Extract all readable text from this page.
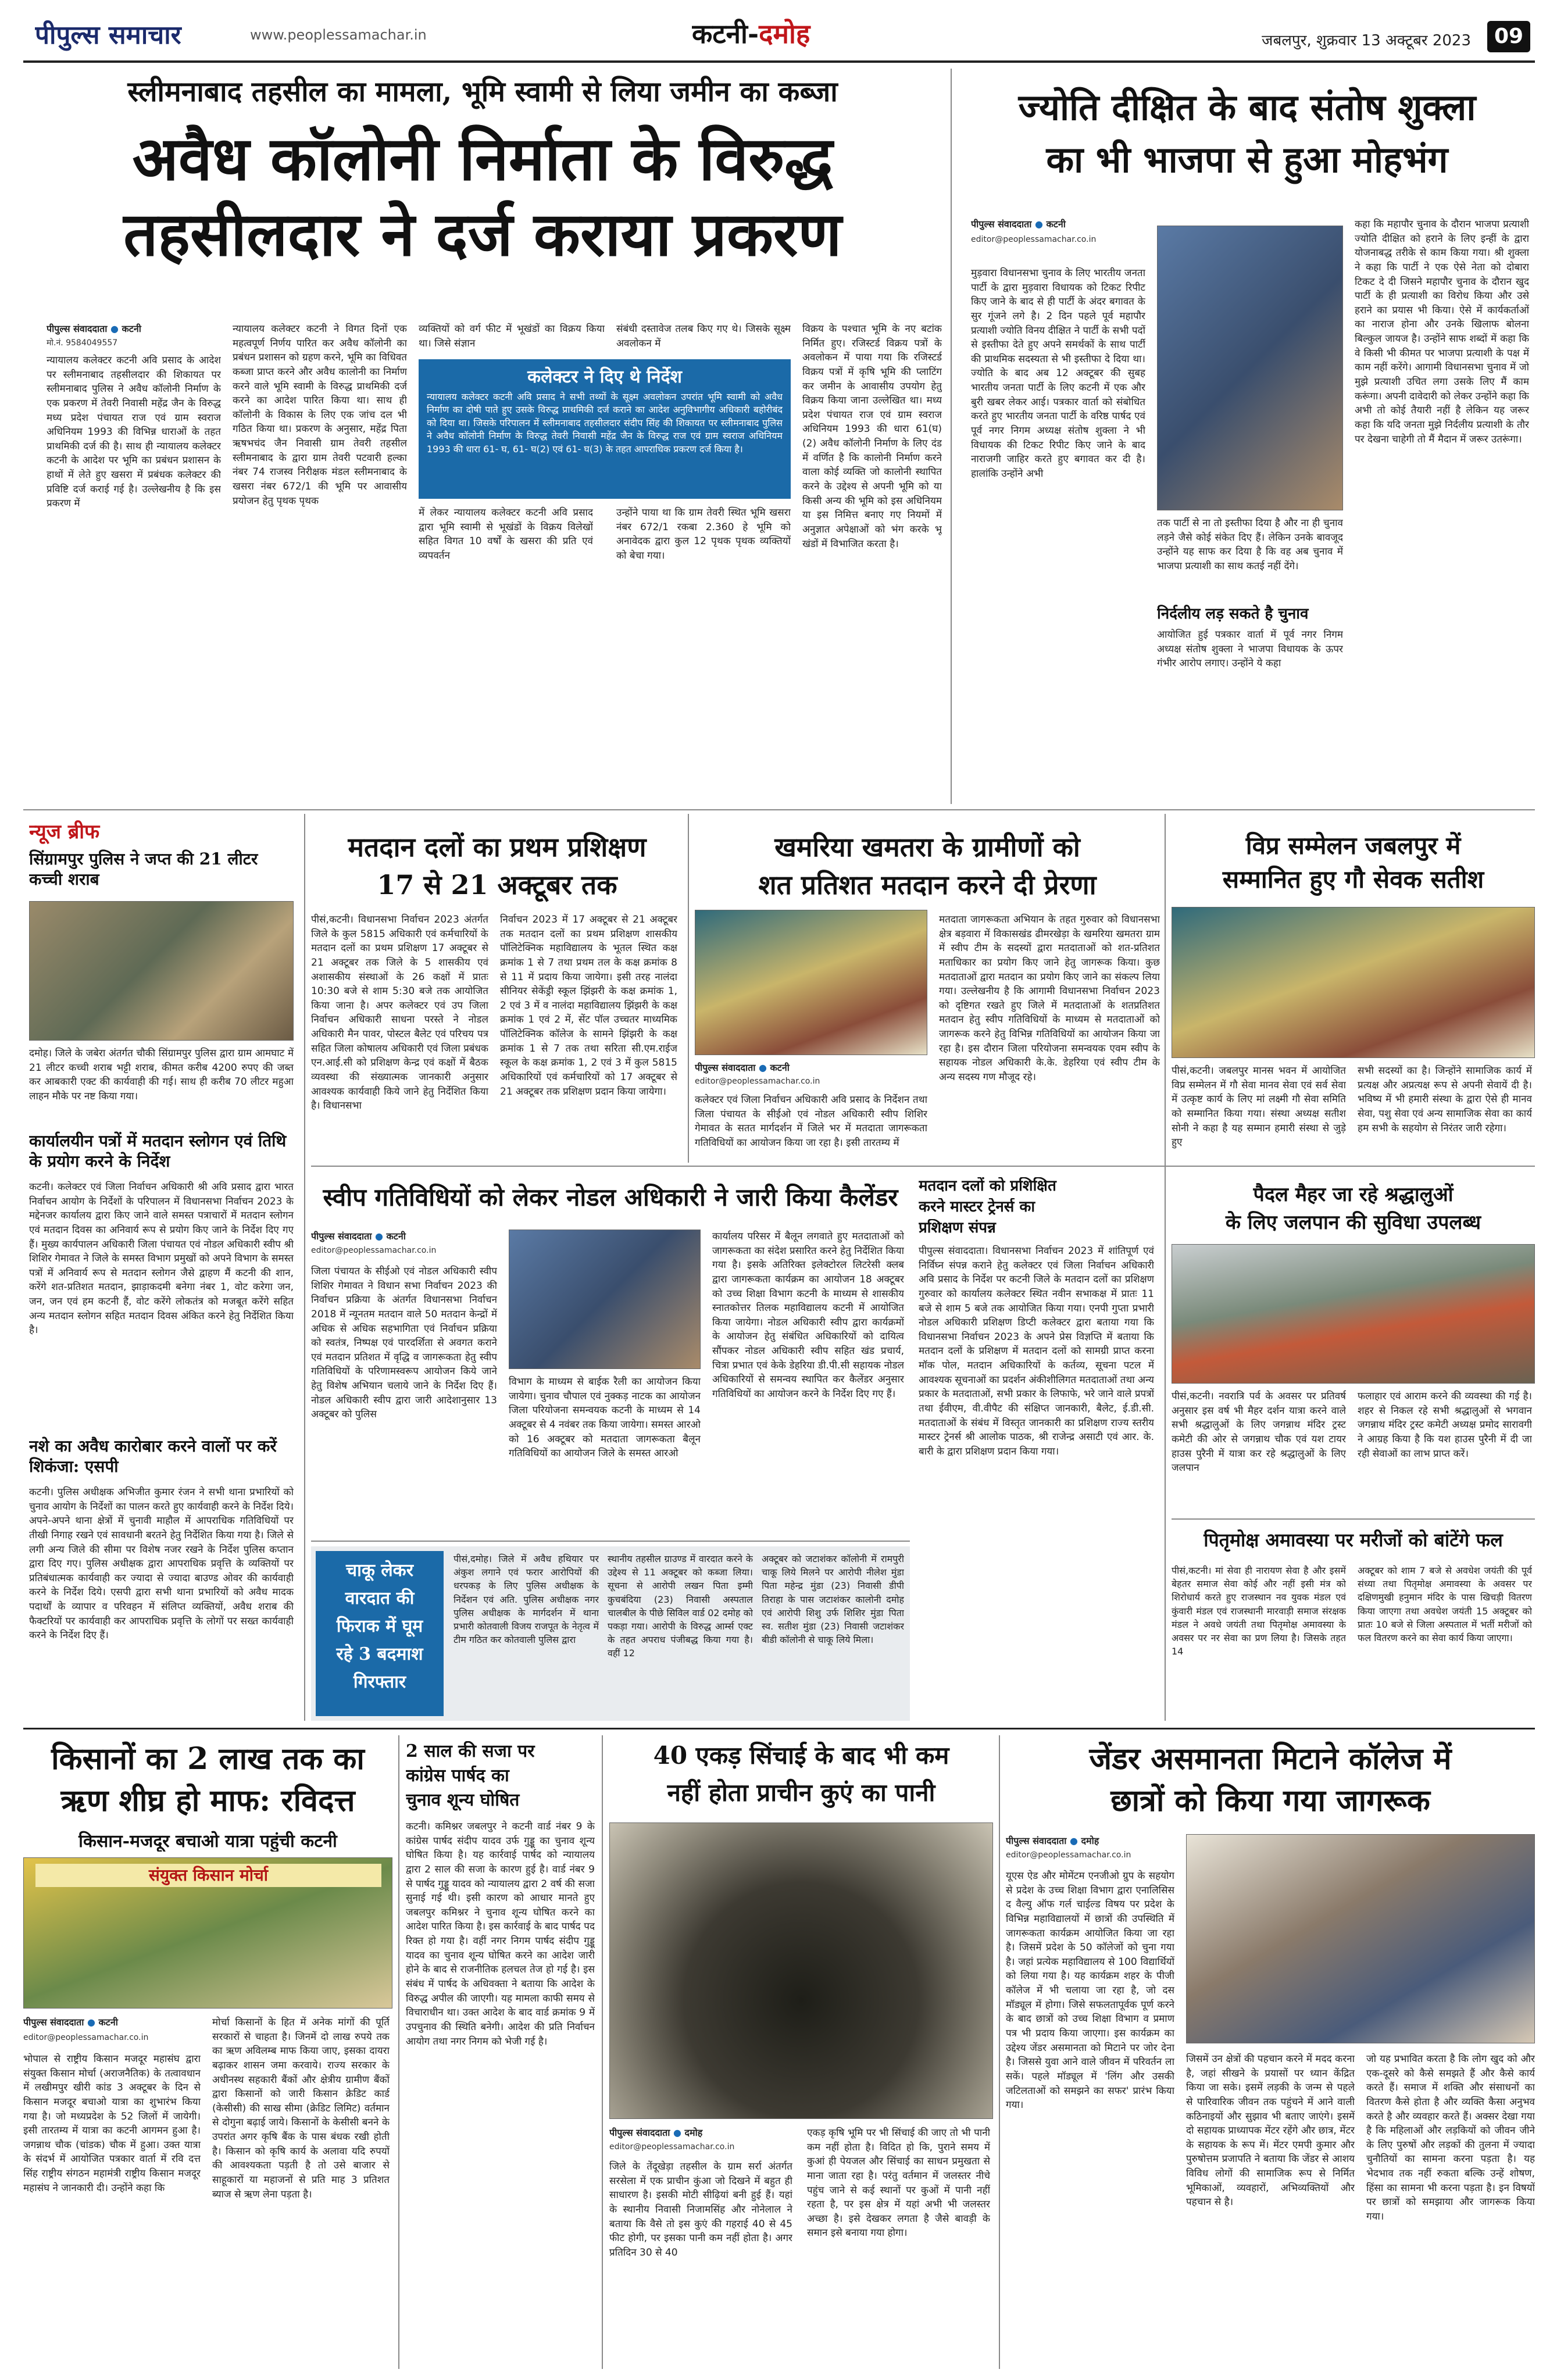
पीपुल्स समाचार	www.peoplessamachar.in	कटनी-दमोह	जबलपुर, शुक्रवार 13 अक्टूबर 2023	09
स्लीमनाबाद तहसील का मामला, भूमि स्वामी से लिया जमीन का कब्जा
अवैध कॉलोनी निर्माता के विरुद्ध
तहसीलदार ने दर्ज कराया प्रकरण
पीपुल्स संवाददाता ● कटनी
मो.नं. 9584049557
न्यायालय कलेक्टर कटनी अवि प्रसाद के आदेश पर स्लीमनाबाद तहसीलदार की शिकायत पर स्लीमनाबाद पुलिस ने अवैध कॉलोनी निर्माण के एक प्रकरण में तेवरी निवासी महेंद्र जैन के विरुद्ध मध्य प्रदेश पंचायत राज एवं ग्राम स्वराज अधिनियम 1993 की विभिन्न धाराओं के तहत प्राथमिकी दर्ज की है। साथ ही न्यायालय कलेक्टर कटनी के आदेश पर भूमि का प्रबंधन प्रशासन के हाथों में लेते हुए खसरा में प्रबंधक कलेक्टर की प्रविष्टि दर्ज कराई गई है। उल्लेखनीय है कि इस प्रकरण में
न्यायालय कलेक्टर कटनी ने विगत दिनों एक महत्वपूर्ण निर्णय पारित कर अवैध कॉलोनी का प्रबंधन प्रशासन को ग्रहण करने, भूमि का विधिवत कब्जा प्राप्त करने और अवैध कालोनी का निर्माण करने वाले भूमि स्वामी के विरुद्ध प्राथमिकी दर्ज करने का आदेश पारित किया था। साथ ही कॉलोनी के विकास के लिए एक जांच दल भी गठित किया था। प्रकरण के अनुसार, महेंद्र पिता ऋषभचंद जैन निवासी ग्राम तेवरी तहसील स्लीमनाबाद के द्वारा ग्राम तेवरी पटवारी हल्का नंबर 74 राजस्व निरीक्षक मंडल स्लीमनाबाद के खसरा नंबर 672/1 की भूमि पर आवासीय प्रयोजन हेतु पृथक पृथक
व्यक्तियों को वर्ग फीट में भूखंडों का विक्रय किया था। जिसे संज्ञान
संबंधी दस्तावेज तलब किए गए थे। जिसके सूक्ष्म अवलोकन में
विक्रय के पश्चात भूमि के नए बटांक निर्मित हुए। रजिस्टर्ड विक्रय पत्रों के अवलोकन में पाया गया कि रजिस्टर्ड विक्रय पत्रों में कृषि भूमि की प्लाटिंग कर जमीन के आवासीय उपयोग हेतु विक्रय किया जाना उल्लेखित था। मध्य प्रदेश पंचायत राज एवं ग्राम स्वराज अधिनियम 1993 की धारा 61(घ) (2) अवैध कॉलोनी निर्माण के लिए दंड में वर्णित है कि कालोनी निर्माण करने वाला कोई व्यक्ति जो कालोनी स्थापित करने के उद्देश्य से अपनी भूमि को या किसी अन्य की भूमि को इस अधिनियम या इस निमित्त बनाए गए नियमों में अनुज्ञात अपेक्षाओं को भंग करके भू खंडों में विभाजित करता है।
कलेक्टर ने दिए थे निर्देश
न्यायालय कलेक्टर कटनी अवि प्रसाद ने सभी तथ्यों के सूक्ष्म अवलोकन उपरांत भूमि स्वामी को अवैध निर्माण का दोषी पाते हुए उसके विरुद्ध प्राथमिकी दर्ज कराने का आदेश अनुविभागीय अधिकारी बहोरीबंद को दिया था। जिसके परिपालन में स्लीमनाबाद तहसीलदार संदीप सिंह की शिकायत पर स्लीमनाबाद पुलिस ने अवैध कॉलोनी निर्माण के विरुद्ध तेवरी निवासी महेंद्र जैन के विरुद्ध राज एवं ग्राम स्वराज अधिनियम 1993 की धारा 61- घ, 61- घ(2) एवं 61- घ(3) के तहत आपराधिक प्रकरण दर्ज किया है।
में लेकर न्यायालय कलेक्टर कटनी अवि प्रसाद द्वारा भूमि स्वामी से भूखंडों के विक्रय विलेखों सहित विगत 10 वर्षों के खसरा की प्रति एवं व्यपवर्तन
उन्होंने पाया था कि ग्राम तेवरी स्थित भूमि खसरा नंबर 672/1 रकबा 2.360 हे भूमि को अनावेदक द्वारा कुल 12 पृथक पृथक व्यक्तियों को बेचा गया।
ज्योति दीक्षित के बाद संतोष शुक्ला
का भी भाजपा से हुआ मोहभंग
पीपुल्स संवाददाता ● कटनी
editor@peoplessamachar.co.in
मुड़वारा विधानसभा चुनाव के लिए भारतीय जनता पार्टी के द्वारा मुड़वारा विधायक को टिकट रिपीट किए जाने के बाद से ही पार्टी के अंदर बगावत के सुर गूंजने लगे है। 2 दिन पहले पूर्व महापौर प्रत्याशी ज्योति विनय दीक्षित ने पार्टी के सभी पदों से इस्तीफा देते हुए अपने समर्थकों के साथ पार्टी की प्राथमिक सदस्यता से भी इस्तीफा दे दिया था। ज्योति के बाद अब 12 अक्टूबर की सुबह भारतीय जनता पार्टी के लिए कटनी में एक और बुरी खबर लेकर आई। पत्रकार वार्ता को संबोधित करते हुए भारतीय जनता पार्टी के वरिष्ठ पार्षद एवं पूर्व नगर निगम अध्यक्ष संतोष शुक्ला ने भी विधायक की टिकट रिपीट किए जाने के बाद नाराजगी जाहिर करते हुए बगावत कर दी है। हालांकि उन्होंने अभी
तक पार्टी से ना तो इस्तीफा दिया है और ना ही चुनाव लड़ने जैसे कोई संकेत दिए हैं। लेकिन उनके बावजूद उन्होंने यह साफ कर दिया है कि वह अब चुनाव में भाजपा प्रत्याशी का साथ कतई नहीं देंगे।
निर्दलीय लड़ सकते है चुनाव
आयोजित हुई पत्रकार वार्ता में पूर्व नगर निगम अध्यक्ष संतोष शुक्ला ने भाजपा विधायक के ऊपर गंभीर आरोप लगाए। उन्होंने ये कहा
कहा कि महापौर चुनाव के दौरान भाजपा प्रत्याशी ज्योति दीक्षित को हराने के लिए इन्हीं के द्वारा योजनाबद्ध तरीके से काम किया गया। श्री शुक्ला ने कहा कि पार्टी ने एक ऐसे नेता को दोबारा टिकट दे दी जिसने महापौर चुनाव के दौरान खुद पार्टी के ही प्रत्याशी का विरोध किया और उसे हराने का प्रयास भी किया। ऐसे में कार्यकर्ताओं का नाराज होना और उनके खिलाफ बोलना बिल्कुल जायज है। उन्होंने साफ शब्दों में कहा कि वे किसी भी कीमत पर भाजपा प्रत्याशी के पक्ष में काम नहीं करेंगे। आगामी विधानसभा चुनाव में जो मुझे प्रत्याशी उचित लगा उसके लिए मैं काम करूंगा। अपनी दावेदारी को लेकर उन्होंने कहा कि अभी तो कोई तैयारी नहीं है लेकिन यह जरूर कहा कि यदि जनता मुझे निर्दलीय प्रत्याशी के तौर पर देखना चाहेगी तो मैं मैदान में जरूर उतरूंगा।
न्यूज ब्रीफ
सिंग्रामपुर पुलिस ने जप्त की 21 लीटर कच्ची शराब
दमोह। जिले के जबेरा अंतर्गत चौकी सिंग्रामपुर पुलिस द्वारा ग्राम आमघाट में 21 लीटर कच्ची शराब भट्टी शराब, कीमत करीब 4200 रुपए की जब्त कर आबकारी एक्ट की कार्यवाही की गई। साथ ही करीब 70 लीटर महुआ लाहन मौके पर नष्ट किया गया।
कार्यालयीन पत्रों में मतदान स्लोगन एवं तिथि के प्रयोग करने के निर्देश
कटनी। कलेक्टर एवं जिला निर्वाचन अधिकारी श्री अवि प्रसाद द्वारा भारत निर्वाचन आयोग के निर्देशों के परिपालन में विधानसभा निर्वाचन 2023 के मद्देनजर कार्यालय द्वारा किए जाने वाले समस्त पत्राचारों में मतदान स्लोगन एवं मतदान दिवस का अनिवार्य रूप से प्रयोग किए जाने के निर्देश दिए गए हैं। मुख्य कार्यपालन अधिकारी जिला पंचायत एवं नोडल अधिकारी स्वीप श्री शिशिर गेमावत ने जिले के समस्त विभाग प्रमुखों को अपने विभाग के समस्त पत्रों में अनिवार्य रूप से मतदान स्लोगन जैसे द्वाहण मैं कटनी की शान, करेंगे शत-प्रतिशत मतदान, झाड़ाकदमी बनेगा नंबर 1, वोट करेगा जन, जन, जन एवं हम कटनी हैं, वोट करेंगे लोकतंत्र को मजबूत करेंगे सहित अन्य मतदान स्लोगन सहित मतदान दिवस अंकित करने हेतु निर्देशित किया है।
नशे का अवैध कारोबार करने वालों पर करें शिकंजा: एसपी
कटनी। पुलिस अधीक्षक अभिजीत कुमार रंजन ने सभी थाना प्रभारियों को चुनाव आयोग के निर्देशों का पालन करते हुए कार्यवाही करने के निर्देश दिये। अपने-अपने थाना क्षेत्रों में चुनावी माहौल में आपराधिक गतिविधियों पर तीखी निगाह रखने एवं सावधानी बरतने हेतु निर्देशित किया गया है। जिले से लगी अन्य जिले की सीमा पर विशेष नजर रखने के निर्देश पुलिस कप्तान द्वारा दिए गए। पुलिस अधीक्षक द्वारा आपराधिक प्रवृत्ति के व्यक्तियों पर प्रतिबंधात्मक कार्यवाही कर ज्यादा से ज्यादा बाउण्ड ओवर की कार्यवाही करने के निर्देश दिये। एसपी द्वारा सभी थाना प्रभारियों को अवैध मादक पदार्थों के व्यापार व परिवहन में संलिप्त व्यक्तियों, अवैध शराब की फैक्टरियों पर कार्यवाही कर आपराधिक प्रवृत्ति के लोगों पर सख्त कार्यवाही करने के निर्देश दिए हैं।
मतदान दलों का प्रथम प्रशिक्षण
17 से 21 अक्टूबर तक
पीसं,कटनी। विधानसभा निर्वाचन 2023 अंतर्गत जिले के कुल 5815 अधिकारी एवं कर्मचारियों के मतदान दलों का प्रथम प्रशिक्षण 17 अक्टूबर से 21 अक्टूबर तक जिले के 5 शासकीय एवं अशासकीय संस्थाओं के 26 कक्षों में प्रातः 10:30 बजे से शाम 5:30 बजे तक आयोजित किया जाना है। अपर कलेक्टर एवं उप जिला निर्वाचन अधिकारी साधना परस्ते ने नोडल अधिकारी मैन पावर, पोस्टल बैलेट एवं परिचय पत्र सहित जिला कोषालय अधिकारी एवं जिला प्रबंधक एन.आई.सी को प्रशिक्षण केन्द्र एवं कक्षों में बैठक व्यवस्था की संख्यात्मक जानकारी अनुसार आवश्यक कार्यवाही किये जाने हेतु निर्देशित किया है। विधानसभा
निर्वाचन 2023 में 17 अक्टूबर से 21 अक्टूबर तक मतदान दलों का प्रथम प्रशिक्षण शासकीय पॉलिटेक्निक महाविद्यालय के भूतल स्थित कक्ष क्रमांक 1 से 7 तथा प्रथम तल के कक्ष क्रमांक 8 से 11 में प्रदाय किया जायेगा। इसी तरह नालंदा सीनियर सेकेंड्री स्कूल झिंझरी के कक्ष क्रमांक 1, 2 एवं 3 में व नालंदा महाविद्यालय झिंझरी के कक्ष क्रमांक 1 एवं 2 में, सेंट पॉल उच्चतर माध्यमिक पॉलिटेक्निक कॉलेज के सामने झिंझरी के कक्ष क्रमांक 1 से 7 तक तथा सरिता सी.एम.राईज स्कूल के कक्ष क्रमांक 1, 2 एवं 3 में कुल 5815 अधिकारियों एवं कर्मचारियों को 17 अक्टूबर से 21 अक्टूबर तक प्रशिक्षण प्रदान किया जायेगा।
खमरिया खमतरा के ग्रामीणों को
शत प्रतिशत मतदान करने दी प्रेरणा
पीपुल्स संवाददाता ● कटनी
editor@peoplessamachar.co.in
कलेक्टर एवं जिला निर्वाचन अधिकारी अवि प्रसाद के निर्देशन तथा जिला पंचायत के सीईओ एवं नोडल अधिकारी स्वीप शिशिर गेमावत के सतत मार्गदर्शन में जिले भर में मतदाता जागरूकता गतिविधियों का आयोजन किया जा रहा है। इसी तारतम्य में
मतदाता जागरूकता अभियान के तहत गुरुवार को विधानसभा क्षेत्र बड़वारा में विकासखंड ढीमरखेड़ा के खमरिया खमतरा ग्राम में स्वीप टीम के सदस्यों द्वारा मतदाताओं को शत-प्रतिशत मताधिकार का प्रयोग किए जाने हेतु जागरूक किया। कुछ मतदाताओं द्वारा मतदान का प्रयोग किए जाने का संकल्प लिया गया। उल्लेखनीय है कि आगामी विधानसभा निर्वाचन 2023 को दृष्टिगत रखते हुए जिले में मतदाताओं के शतप्रतिशत मतदान हेतु स्वीप गतिविधियों के माध्यम से मतदाताओं को जागरूक करने हेतु विभिन्न गतिविधियों का आयोजन किया जा रहा है। इस दौरान जिला परियोजना समन्वयक एवम स्वीप के सहायक नोडल अधिकारी के.के. डेहरिया एवं स्वीप टीम के अन्य सदस्य गण मौजूद रहे।
विप्र सम्मेलन जबलपुर में
सम्मानित हुए गौ सेवक सतीश
पीसं,कटनी। जबलपुर मानस भवन में आयोजित विप्र सम्मेलन में गौ सेवा मानव सेवा एवं सर्व सेवा में उत्कृष्ट कार्य के लिए मां लक्ष्मी गौ सेवा समिति को सम्मानित किया गया। संस्था अध्यक्ष सतीश सोनी ने कहा है यह सम्मान हमारी संस्था से जुड़े हुए
सभी सदस्यों का है। जिन्होंने सामाजिक कार्य में प्रत्यक्ष और अप्रत्यक्ष रूप से अपनी सेवायें दी है। भविष्य में भी हमारी संस्था के द्वारा ऐसे ही मानव सेवा, पशु सेवा एवं अन्य सामाजिक सेवा का कार्य हम सभी के सहयोग से निरंतर जारी रहेगा।
स्वीप गतिविधियों को लेकर नोडल अधिकारी ने जारी किया कैलेंडर
पीपुल्स संवाददाता ● कटनी
editor@peoplessamachar.co.in
जिला पंचायत के सीईओ एवं नोडल अधिकारी स्वीप शिशिर गेमावत ने विधान सभा निर्वाचन 2023 की निर्वाचन प्रक्रिया के अंतर्गत विधानसभा निर्वाचन 2018 में न्यूनतम मतदान वाले 50 मतदान केन्द्रों में अधिक से अधिक सहभागिता एवं निर्वाचन प्रक्रिया को स्वतंत्र, निष्पक्ष एवं पारदर्शिता से अवगत कराने एवं मतदान प्रतिशत में वृद्धि व जागरूकता हेतु स्वीप गतिविधियों के परिणामस्वरूप आयोजन किये जाने हेतु विशेष अभियान चलाये जाने के निर्देश दिए हैं। नोडल अधिकारी स्वीप द्वारा जारी आदेशानुसार 13 अक्टूबर को पुलिस
विभाग के माध्यम से बाईक रैली का आयोजन किया जायेगा। चुनाव चौपाल एवं नुक्कड़ नाटक का आयोजन जिला परियोजना समन्वयक कटनी के माध्यम से 14 अक्टूबर से 4 नवंबर तक किया जायेगा। समस्त आरओ को 16 अक्टूबर को मतदाता जागरूकता बैलून गतिविधियों का आयोजन जिले के समस्त आरओ
कार्यालय परिसर में बैलून लगवाते हुए मतदाताओं को जागरूकता का संदेश प्रसारित करने हेतु निर्देशित किया गया है। इसके अतिरिक्त इलेक्टोरल लिटरेसी क्लब द्वारा जागरूकता कार्यक्रम का आयोजन 18 अक्टूबर को उच्च शिक्षा विभाग कटनी के माध्यम से शासकीय स्नातकोत्तर तिलक महाविद्यालय कटनी में आयोजित किया जायेगा। नोडल अधिकारी स्वीप द्वारा कार्यक्रमों के आयोजन हेतु संबंधित अधिकारियों को दायित्व सौंपकर नोडल अधिकारी स्वीप सहित खंड प्रचार्य, चित्रा प्रभात एवं केके डेहरिया डी.पी.सी सहायक नोडल अधिकारियों से समन्वय स्थापित कर कैलेंडर अनुसार गतिविधियों का आयोजन करने के निर्देश दिए गए हैं।
मतदान दलों को प्रशिक्षित
करने मास्टर ट्रेनर्स का
प्रशिक्षण संपन्न
पीपुल्स संवाददाता। विधानसभा निर्वाचन 2023 में शांतिपूर्ण एवं निर्विघ्न संपन्न कराने हेतु कलेक्टर एवं जिला निर्वाचन अधिकारी अवि प्रसाद के निर्देश पर कटनी जिले के मतदान दलों का प्रशिक्षण गुरुवार को कार्यालय कलेक्टर स्थित नवीन सभाकक्ष में प्रातः 11 बजे से शाम 5 बजे तक आयोजित किया गया। एनपी गुप्ता प्रभारी नोडल अधिकारी प्रशिक्षण डिप्टी कलेक्टर द्वारा बताया गया कि विधानसभा निर्वाचन 2023 के अपने प्रेस विज्ञप्ति में बताया कि मतदान दलों के प्रशिक्षण में मतदान दलों को सामग्री प्राप्त करना मॉक पोल, मतदान अधिकारियों के कर्तव्य, सूचना पटल में आवश्यक सूचनाओं का प्रदर्शन अंकीशीलिगत मतदाताओं तथा अन्य प्रकार के मतदाताओं, सभी प्रकार के लिफाफे, भरे जाने वाले प्रपत्रों तथा ईवीएम, वी.वीपैट की संक्षिप्त जानकारी, बैलेट, ई.डी.सी. मतदाताओं के संबंध में विस्तृत जानकारी का प्रशिक्षण राज्य स्तरीय मास्टर ट्रेनर्स श्री आलोक पाठक, श्री राजेन्द्र असाटी एवं आर. के. बारी के द्वारा प्रशिक्षण प्रदान किया गया।
पैदल मैहर जा रहे श्रद्धालुओं
के लिए जलपान की सुविधा उपलब्ध
पीसं,कटनी। नवरात्रि पर्व के अवसर पर प्रतिवर्ष अनुसार इस वर्ष भी मैहर दर्शन यात्रा करने वाले सभी श्रद्धालुओं के लिए जगन्नाथ मंदिर ट्रस्ट कमेटी की ओर से जगन्नाथ चौक एवं यश टायर हाउस पुरैनी में यात्रा कर रहे श्रद्धालुओं के लिए जलपान
फलाहार एवं आराम करने की व्यवस्था की गई है। शहर से निकल रहे सभी श्रद्धालुओं से भगवान जगन्नाथ मंदिर ट्रस्ट कमेटी अध्यक्ष प्रमोद सारावगी ने आग्रह किया है कि यश हाउस पुरैनी में दी जा रही सेवाओं का लाभ प्राप्त करें।
चाकू लेकर
वारदात की
फिराक में घूम
रहे 3 बदमाश
गिरफ्तार
पीसं,दमोह। जिले में अवैध हथियार पर अंकुश लगाने एवं फरार आरोपियों की धरपकड़ के लिए पुलिस अधीक्षक के निर्देशन एवं अति. पुलिस अधीक्षक नगर पुलिस अधीक्षक के मार्गदर्शन में थाना प्रभारी कोतवाली विजय राजपूत के नेतृत्व में टीम गठित कर कोतवाली पुलिस द्वारा
स्थानीय तहसील ग्राउण्ड में वारदात करने के उद्देश्य से 11 अक्टूबर को कब्जा लिया। सूचना से आरोपी लखन पिता इम्मी कुचबंदिया (23) निवासी अस्पताल चालबील के पीछे सिविल वार्ड 02 दमोह को पकड़ा गया। आरोपी के विरुद्ध आर्म्स एक्ट के तहत अपराध पंजीबद्ध किया गया है। वहीं 12
अक्टूबर को जटाशंकर कॉलोनी में रामपुरी चाकू लिये मिलने पर आरोपी नीलेश मुंडा पिता महेन्द्र मुंडा (23) निवासी डीपी तिराहा के पास जटाशंकर कालोनी दमोह एवं आरोपी शिशु उर्फ शिशिर मुंडा पिता स्व. सतीश मुंडा (23) निवासी जटाशंकर बीडी कॉलोनी से चाकू लिये मिला।
पितृमोक्ष अमावस्या पर मरीजों को बांटेंगे फल
पीसं,कटनी। मां सेवा ही नारायण सेवा है और इसमें बेहतर समाज सेवा कोई और नहीं इसी मंत्र को शिरोधार्य करते हुए राजस्थान नव युवक मंडल एवं कुंवारी मंडल एवं राजस्थानी मारवाड़ी समाज संरक्षक मंडल ने अवधे जयंती तथा पितृमोक्ष अमावस्या के अवसर पर नर सेवा का प्रण लिया है। जिसके तहत 14
अक्टूबर को शाम 7 बजे से अवधेश जयंती की पूर्व संध्या तथा पितृमोक्ष अमावस्या के अवसर पर दक्षिणमुखी हनुमान मंदिर के पास खिचड़ी वितरण किया जाएगा तथा अवधेश जयंती 15 अक्टूबर को प्रातः 10 बजे से जिला अस्पताल में भर्ती मरीजों को फल वितरण करने का सेवा कार्य किया जाएगा।
किसानों का 2 लाख तक का
ऋण शीघ्र हो माफ: रविदत्त
किसान-मजदूर बचाओ यात्रा पहुंची कटनी
संयुक्त किसान मोर्चा
पीपुल्स संवाददाता ● कटनी
editor@peoplessamachar.co.in
भोपाल से राष्ट्रीय किसान मजदूर महासंघ द्वारा संयुक्त किसान मोर्चा (अराजनैतिक) के तत्वावधान में लखीमपुर खीरी कांड 3 अक्टूबर के दिन से किसान मजदूर बचाओ यात्रा का शुभारंभ किया गया है। जो मध्यप्रदेश के 52 जिलों में जायेगी। इसी तारतम्य में यात्रा का कटनी आगमन हुआ है। जगन्नाथ चौक (चांडक) चौक में हुआ। उक्त यात्रा के संदर्भ में आयोजित पत्रकार वार्ता में रवि दत्त सिंह राष्ट्रीय संगठन महामंत्री राष्ट्रीय किसान मजदूर महासंघ ने जानकारी दी। उन्होंने कहा कि
मोर्चा किसानों के हित में अनेक मांगों की पूर्ति सरकारों से चाहता है। जिनमें दो लाख रुपये तक का ऋण अविलम्ब माफ किया जाए, इसका दायरा बढ़ाकर शासन जमा करवाये। राज्य सरकार के अधीनस्थ सहकारी बैंकों और क्षेत्रीय ग्रामीण बैंकों द्वारा किसानों को जारी किसान क्रेडिट कार्ड (केसीसी) की साख सीमा (क्रेडिट लिमिट) वर्तमान से दोगुना बढ़ाई जाये। किसानों के केसीसी बनने के उपरांत अगर कृषि बैंक के पास बंधक रखी होती है। किसान को कृषि कार्य के अलावा यदि रुपयों की आवश्यकता पड़ती है तो उसे बाजार से साहूकारों या महाजनों से प्रति माह 3 प्रतिशत ब्याज से ऋण लेना पड़ता है।
2 साल की सजा पर
कांग्रेस पार्षद का
चुनाव शून्य घोषित
कटनी। कमिश्नर जबलपुर ने कटनी वार्ड नंबर 9 के कांग्रेस पार्षद संदीप यादव उर्फ गुड्डू का चुनाव शून्य घोषित किया है। यह कार्रवाई पार्षद को न्यायालय द्वारा 2 साल की सजा के कारण हुई है। वार्ड नंबर 9 से पार्षद गुड्डू यादव को न्यायालय द्वारा 2 वर्ष की सजा सुनाई गई थी। इसी कारण को आधार मानते हुए जबलपुर कमिश्नर ने चुनाव शून्य घोषित करने का आदेश पारित किया है। इस कार्रवाई के बाद पार्षद पद रिक्त हो गया है। वहीं नगर निगम पार्षद संदीप गुड्डू यादव का चुनाव शून्य घोषित करने का आदेश जारी होने के बाद से राजनीतिक हलचल तेज हो गई है। इस संबंध में पार्षद के अधिवक्ता ने बताया कि आदेश के विरुद्ध अपील की जाएगी। यह मामला काफी समय से विचाराधीन था। उक्त आदेश के बाद वार्ड क्रमांक 9 में उपचुनाव की स्थिति बनेगी। आदेश की प्रति निर्वाचन आयोग तथा नगर निगम को भेजी गई है।
40 एकड़ सिंचाई के बाद भी कम
नहीं होता प्राचीन कुएं का पानी
पीपुल्स संवाददाता ● दमोह
editor@peoplessamachar.co.in
जिले के तेंदूखेड़ा तहसील के ग्राम सर्रा अंतर्गत सरसेला में एक प्राचीन कुंआ जो दिखने में बहुत ही साधारण है। इसकी मोटी सीढ़ियां बनी हुई हैं। यहां के स्थानीय निवासी निजामसिंह और नोनेलाल ने बताया कि वैसे तो इस कुएं की गहराई 40 से 45 फीट होगी, पर इसका पानी कम नहीं होता है। अगर प्रतिदिन 30 से 40
एकड़ कृषि भूमि पर भी सिंचाई की जाए तो भी पानी कम नहीं होता है। विदित हो कि, पुराने समय में कुआं ही पेयजल और सिंचाई का साधन प्रमुखता से माना जाता रहा है। परंतु वर्तमान में जलस्तर नीचे पहुंच जाने से कई स्थानों पर कुओं में पानी नहीं रहता है, पर इस क्षेत्र में यहां अभी भी जलस्तर अच्छा है। इसे देखकर लगता है जैसे बावड़ी के समान इसे बनाया गया होगा।
जेंडर असमानता मिटाने कॉलेज में
छात्रों को किया गया जागरूक
पीपुल्स संवाददाता ● दमोह
editor@peoplessamachar.co.in
यूएस ऐड और मोमेंटम एनजीओ ग्रुप के सहयोग से प्रदेश के उच्च शिक्षा विभाग द्वारा एनालिसिस द वैल्यु ऑफ गर्ल चाईल्ड विषय पर प्रदेश के विभिन्न महाविद्यालयों में छात्रों की उपस्थिति में जागरूकता कार्यक्रम आयोजित किया जा रहा है। जिसमें प्रदेश के 50 कॉलेजों को चुना गया है। जहां प्रत्येक महाविद्यालय से 100 विद्यार्थियों को लिया गया है। यह कार्यक्रम शहर के पीजी कॉलेज में भी चलाया जा रहा है, जो दस मॉड्यूल में होगा। जिसे सफलतापूर्वक पूर्ण करने के बाद छात्रों को उच्च शिक्षा विभाग व प्रमाण पत्र भी प्रदाय किया जाएगा। इस कार्यक्रम का उद्देश्य जेंडर असमानता को मिटाने पर जोर देना है। जिससे युवा आने वाले जीवन में परिवर्तन ला सकें। पहले मॉड्यूल में 'लिंग और उसकी जटिलताओं को समझने का सफर' प्रारंभ किया गया।
जिसमें उन क्षेत्रों की पहचान करने में मदद करना है, जहां सीखने के प्रयासों पर ध्यान केंद्रित किया जा सके। इसमें लड़की के जन्म से पहले से पारिवारिक जीवन तक पहुंचने में आने वाली कठिनाइयों और सुझाव भी बताए जाएंगे। इसमें दो सहायक प्राध्यापक मेंटर रहेंगे और छात्र, मेंटर के सहायक के रूप में। मेंटर एमपी कुमार और पुरुषोत्तम प्रजापति ने बताया कि जेंडर से आशय विविध लोगों की सामाजिक रूप से निर्मित भूमिकाओं, व्यवहारों, अभिव्यक्तियों और पहचान से है।
जो यह प्रभावित करता है कि लोग खुद को और एक-दूसरे को कैसे समझते हैं और कैसे कार्य करते हैं। समाज में शक्ति और संसाधनों का वितरण कैसे होता है और व्यक्ति कैसा अनुभव करते है और व्यवहार करते हैं। अक्सर देखा गया है कि महिलाओं और लड़कियों को जीवन जीने के लिए पुरुषों और लड़कों की तुलना में ज्यादा चुनौतियों का सामना करना पड़ता है। यह भेदभाव तक नहीं रुकता बल्कि उन्हें शोषण, हिंसा का सामना भी करना पड़ता है। इन विषयों पर छात्रों को समझाया और जागरूक किया गया।
